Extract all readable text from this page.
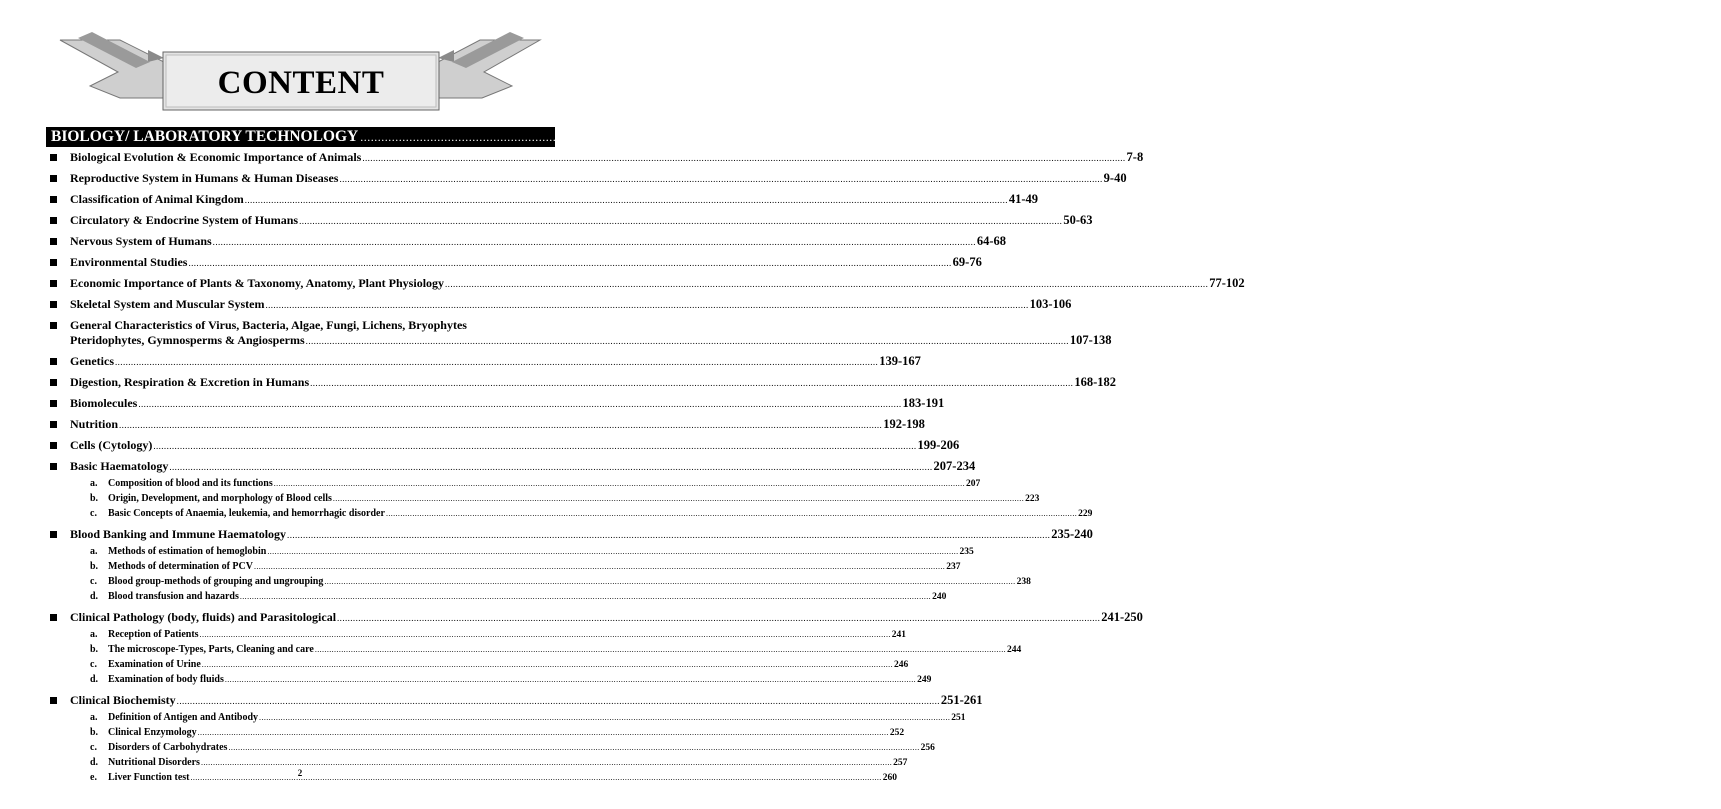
CONTENT
BIOLOGY/ LABORATORY TECHNOLOGY	..... .......................................................................................... 7-306
Biological Evolution & Economic Importance of Animals .....	7-8
Reproductive System in Humans & Human Diseases .....	9-40
Classification of Animal Kingdom .....	41-49
Circulatory & Endocrine System of Humans .....	50-63
Nervous System of Humans .....	64-68
Environmental Studies .....	69-76
Economic Importance of Plants & Taxonomy, Anatomy, Plant Physiology .....	77-102
Skeletal System and Muscular System .....	103-106
General Characteristics of Virus, Bacteria, Algae, Fungi, Lichens, Bryophytes
Pteridophytes, Gymnosperms & Angiosperms .....	107-138
Genetics .....	139-167
Digestion, Respiration & Excretion in Humans .....	168-182
Biomolecules .....	183-191
Nutrition .....	192-198
Cells (Cytology) .....	199-206
Basic Haematology .....	207-234
a.	Composition of blood and its functions .....	207
b. Origin, Development, and morphology of Blood cells .....	223
c.	Basic Concepts of Anaemia, leukemia, and hemorrhagic disorder .....	229
Blood Banking and Immune Haematology .....	235-240
a.	Methods of estimation of hemoglobin .....	235
b. Methods of determination of PCV .....	237
c.	Blood group-methods of grouping and ungrouping .....	238
d. Blood transfusion and hazards .....	240
Clinical Pathology (body, fluids) and Parasitological .....	241-250
a.	Reception of Patients .....	241
b. The microscope-Types, Parts, Cleaning and care .....	244
c.	Examination of Urine .....	246
d. Examination of body fluids .....	249
Clinical Biochemisty .....	251-261
a.	Definition of Antigen and Antibody .....	251
b. Clinical Enzymology .....	252
c.	Disorders of Carbohydrates .....	256
d. Nutritional Disorders .....	257
e.	Liver Function test .....	260
2
